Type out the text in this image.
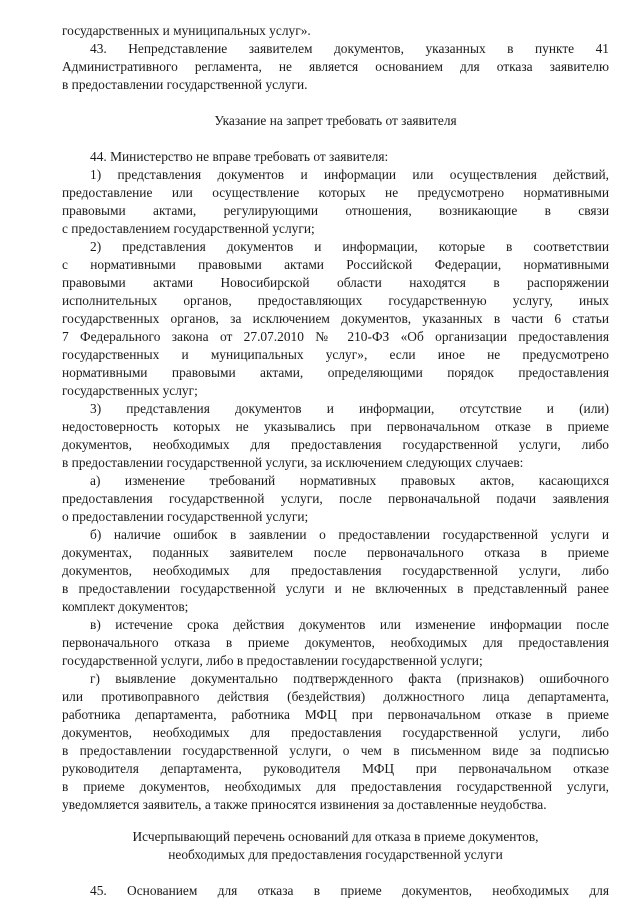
государственных и муниципальных услуг».
43. Непредставление заявителем документов, указанных в пункте 41
Административного регламента, не является основанием для отказа заявителю
в предоставлении государственной услуги.
Указание на запрет требовать от заявителя
44. Министерство не вправе требовать от заявителя:
1) представления документов и информации или осуществления действий,
предоставление или осуществление которых не предусмотрено нормативными
правовыми актами, регулирующими отношения, возникающие в связи
с предоставлением государственной услуги;
2) представления документов и информации, которые в соответствии
с нормативными правовыми актами Российской Федерации, нормативными
правовыми актами Новосибирской области находятся в распоряжении
исполнительных органов, предоставляющих государственную услугу, иных
государственных органов, за исключением документов, указанных в части 6 статьи
7 Федерального закона от 27.07.2010 № 210-ФЗ «Об организации предоставления
государственных и муниципальных услуг», если иное не предусмотрено
нормативными правовыми актами, определяющими порядок предоставления
государственных услуг;
3) представления документов и информации, отсутствие и (или)
недостоверность которых не указывались при первоначальном отказе в приеме
документов, необходимых для предоставления государственной услуги, либо
в предоставлении государственной услуги, за исключением следующих случаев:
а) изменение требований нормативных правовых актов, касающихся
предоставления государственной услуги, после первоначальной подачи заявления
о предоставлении государственной услуги;
б) наличие ошибок в заявлении о предоставлении государственной услуги и
документах, поданных заявителем после первоначального отказа в приеме
документов, необходимых для предоставления государственной услуги, либо
в предоставлении государственной услуги и не включенных в представленный ранее
комплект документов;
в) истечение срока действия документов или изменение информации после
первоначального отказа в приеме документов, необходимых для предоставления
государственной услуги, либо в предоставлении государственной услуги;
г) выявление документально подтвержденного факта (признаков) ошибочного
или противоправного действия (бездействия) должностного лица департамента,
работника департамента, работника МФЦ при первоначальном отказе в приеме
документов, необходимых для предоставления государственной услуги, либо
в предоставлении государственной услуги, о чем в письменном виде за подписью
руководителя департамента, руководителя МФЦ при первоначальном отказе
в приеме документов, необходимых для предоставления государственной услуги,
уведомляется заявитель, а также приносятся извинения за доставленные неудобства.
Исчерпывающий перечень оснований для отказа в приеме документов,
необходимых для предоставления государственной услуги
45. Основанием для отказа в приеме документов, необходимых для
